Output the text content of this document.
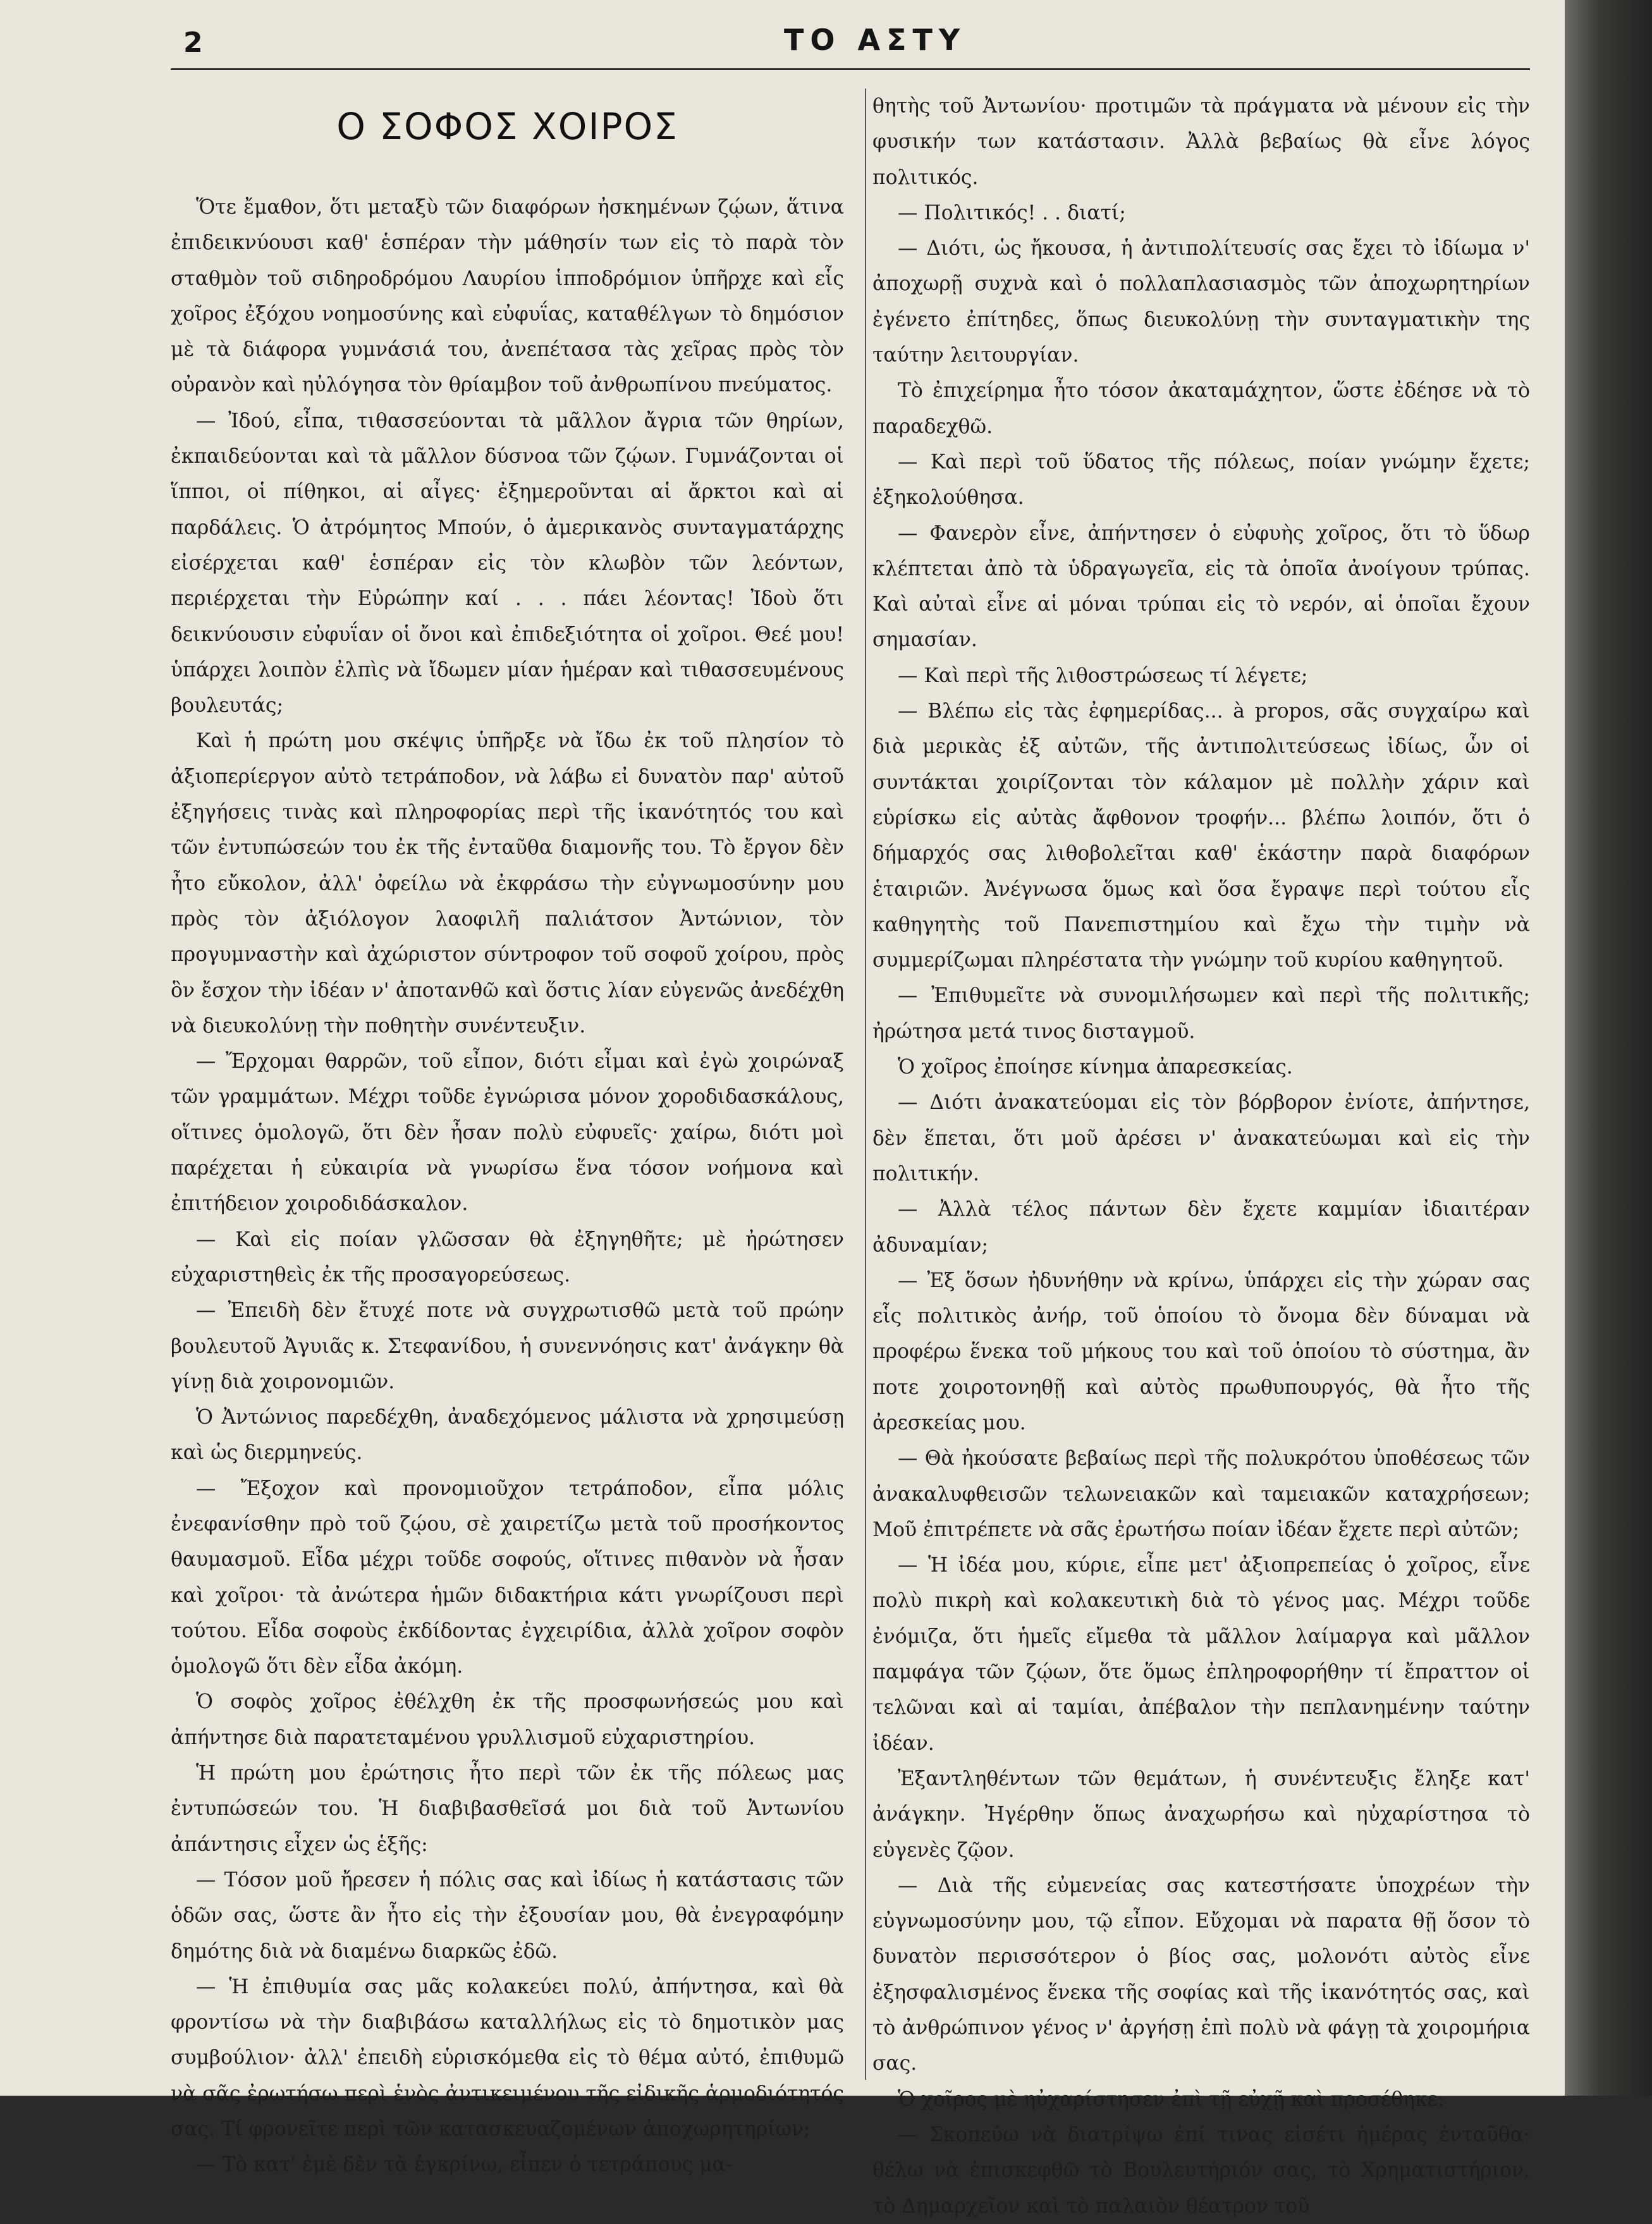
2	ΤΟ ΑΣΤΥ
Ο ΣΟΦΟΣ ΧΟΙΡΟΣ

Ὅτε ἔμαθον, ὅτι μεταξὺ τῶν διαφόρων ἠσκημένων ζῴων, ἅτινα ἐπιδεικνύουσι καθ' ἑσπέραν τὴν μάθησίν των εἰς τὸ παρὰ τὸν σταθμὸν τοῦ σιδηροδρόμου Λαυρίου ἱπποδρόμιον ὑπῆρχε καὶ εἷς χοῖρος ἐξόχου νοημοσύνης καὶ εὐφυΐας, καταθέλγων τὸ δημόσιον μὲ τὰ διάφορα γυμνάσιά του, ἀνεπέτασα τὰς χεῖρας πρὸς τὸν οὐρανὸν καὶ ηὐλόγησα τὸν θρίαμβον τοῦ ἀνθρωπίνου πνεύματος.

— Ἰδού, εἶπα, τιθασσεύονται τὰ μᾶλλον ἄγρια τῶν θηρίων, ἐκπαιδεύονται καὶ τὰ μᾶλλον δύσνοα τῶν ζῴων. Γυμνάζονται οἱ ἵπποι, οἱ πίθηκοι, αἱ αἶγες· ἐξημεροῦνται αἱ ἄρκτοι καὶ αἱ παρδάλεις. Ὁ ἀτρόμητος Μπούν, ὁ ἀμερικανὸς συνταγματάρχης εἰσέρχεται καθ' ἑσπέραν εἰς τὸν κλωβὸν τῶν λεόντων, περιέρχεται τὴν Εὐρώπην καί . . . πάει λέοντας! Ἰδοὺ ὅτι δεικνύουσιν εὐφυΐαν οἱ ὄνοι καὶ ἐπιδεξιότητα οἱ χοῖροι. Θεέ μου! ὑπάρχει λοιπὸν ἐλπὶς νὰ ἴδωμεν μίαν ἡμέραν καὶ τιθασσευμένους βουλευτάς;

Καὶ ἡ πρώτη μου σκέψις ὑπῆρξε νὰ ἴδω ἐκ τοῦ πλησίον τὸ ἀξιοπερίεργον αὐτὸ τετράποδον, νὰ λάβω εἰ δυνατὸν παρ' αὐτοῦ ἐξηγήσεις τινὰς καὶ πληροφορίας περὶ τῆς ἱκανότητός του καὶ τῶν ἐντυπώσεών του ἐκ τῆς ἐνταῦθα διαμονῆς του. Τὸ ἔργον δὲν ἦτο εὔκολον, ἀλλ' ὀφείλω νὰ ἐκφράσω τὴν εὐγνωμοσύνην μου πρὸς τὸν ἀξιόλογον λαοφιλῆ παλιάτσον Ἀντώνιον, τὸν προγυμναστὴν καὶ ἀχώριστον σύντροφον τοῦ σοφοῦ χοίρου, πρὸς ὃν ἔσχον τὴν ἰδέαν ν' ἀποτανθῶ καὶ ὅστις λίαν εὐγενῶς ἀνεδέχθη νὰ διευκολύνῃ τὴν ποθητὴν συνέντευξιν.

— Ἔρχομαι θαρρῶν, τοῦ εἶπον, διότι εἶμαι καὶ ἐγὼ χοιρώναξ τῶν γραμμάτων. Μέχρι τοῦδε ἐγνώρισα μόνον χοροδιδασκάλους, οἵτινες ὁμολογῶ, ὅτι δὲν ἦσαν πολὺ εὐφυεῖς· χαίρω, διότι μοὶ παρέχεται ἡ εὐκαιρία νὰ γνωρίσω ἕνα τόσον νοήμονα καὶ ἐπιτήδειον χοιροδιδάσκαλον.

— Καὶ εἰς ποίαν γλῶσσαν θὰ ἐξηγηθῆτε; μὲ ἠρώτησεν εὐχαριστηθεὶς ἐκ τῆς προσαγορεύσεως.

— Ἐπειδὴ δὲν ἔτυχέ ποτε νὰ συγχρωτισθῶ μετὰ τοῦ πρώην βουλευτοῦ Ἀγυιᾶς κ. Στεφανίδου, ἡ συνεννόησις κατ' ἀνάγκην θὰ γίνῃ διὰ χοιρονομιῶν.

Ὁ Ἀντώνιος παρεδέχθη, ἀναδεχόμενος μάλιστα νὰ χρησιμεύσῃ καὶ ὡς διερμηνεύς.

— Ἔξοχον καὶ προνομιοῦχον τετράποδον, εἶπα μόλις ἐνεφανίσθην πρὸ τοῦ ζῴου, σὲ χαιρετίζω μετὰ τοῦ προσήκοντος θαυμασμοῦ. Εἶδα μέχρι τοῦδε σοφούς, οἵτινες πιθανὸν νὰ ἦσαν καὶ χοῖροι· τὰ ἀνώτερα ἡμῶν διδακτήρια κάτι γνωρίζουσι περὶ τούτου. Εἶδα σοφοὺς ἐκδίδοντας ἐγχειρίδια, ἀλλὰ χοῖρον σοφὸν ὁμολογῶ ὅτι δὲν εἶδα ἀκόμη.

Ὁ σοφὸς χοῖρος ἐθέλχθη ἐκ τῆς προσφωνήσεώς μου καὶ ἀπήντησε διὰ παρατεταμένου γρυλλισμοῦ εὐχαριστηρίου.

Ἡ πρώτη μου ἐρώτησις ἦτο περὶ τῶν ἐκ τῆς πόλεως μας ἐντυπώσεών του. Ἡ διαβιβασθεῖσά μοι διὰ τοῦ Ἀντωνίου ἀπάντησις εἶχεν ὡς ἑξῆς:

— Τόσον μοῦ ἤρεσεν ἡ πόλις σας καὶ ἰδίως ἡ κατάστασις τῶν ὁδῶν σας, ὥστε ἂν ἦτο εἰς τὴν ἐξουσίαν μου, θὰ ἐνεγραφόμην δημότης διὰ νὰ διαμένω διαρκῶς ἐδῶ.

— Ἡ ἐπιθυμία σας μᾶς κολακεύει πολύ, ἀπήντησα, καὶ θὰ φροντίσω νὰ τὴν διαβιβάσω καταλλήλως εἰς τὸ δημοτικὸν μας συμβούλιον· ἀλλ' ἐπειδὴ εὑρισκόμεθα εἰς τὸ θέμα αὐτό, ἐπιθυμῶ νὰ σᾶς ἐρωτήσω περὶ ἑνὸς ἀντικειμένου τῆς εἰδικῆς ἁρμοδιότητός σας. Τί φρονεῖτε περὶ τῶν κατασκευαζομένων ἀποχωρητηρίων;

— Τὸ κατ' ἐμὲ δὲν τὰ ἐγκρίνω, εἶπεν ὁ τετράπους μα-

θητὴς τοῦ Ἀντωνίου· προτιμῶν τὰ πράγματα νὰ μένουν εἰς τὴν φυσικήν των κατάστασιν. Ἀλλὰ βεβαίως θὰ εἶνε λόγος πολιτικός.

— Πολιτικός! . . διατί;

— Διότι, ὡς ἤκουσα, ἡ ἀντιπολίτευσίς σας ἔχει τὸ ἰδίωμα ν' ἀποχωρῇ συχνὰ καὶ ὁ πολλαπλασιασμὸς τῶν ἀποχωρητηρίων ἐγένετο ἐπίτηδες, ὅπως διευκολύνῃ τὴν συνταγματικὴν της ταύτην λειτουργίαν.

Τὸ ἐπιχείρημα ἦτο τόσον ἀκαταμάχητον, ὥστε ἐδέησε νὰ τὸ παραδεχθῶ.

— Καὶ περὶ τοῦ ὕδατος τῆς πόλεως, ποίαν γνώμην ἔχετε; ἐξηκολούθησα.

— Φανερὸν εἶνε, ἀπήντησεν ὁ εὐφυὴς χοῖρος, ὅτι τὸ ὕδωρ κλέπτεται ἀπὸ τὰ ὑδραγωγεῖα, εἰς τὰ ὁποῖα ἀνοίγουν τρύπας. Καὶ αὐταὶ εἶνε αἱ μόναι τρύπαι εἰς τὸ νερόν, αἱ ὁποῖαι ἔχουν σημασίαν.

— Καὶ περὶ τῆς λιθοστρώσεως τί λέγετε;

— Βλέπω εἰς τὰς ἐφημερίδας... à propos, σᾶς συγχαίρω καὶ διὰ μερικὰς ἐξ αὐτῶν, τῆς ἀντιπολιτεύσεως ἰδίως, ὧν οἱ συντάκται χοιρίζονται τὸν κάλαμον μὲ πολλὴν χάριν καὶ εὑρίσκω εἰς αὐτὰς ἄφθονον τροφήν... βλέπω λοιπόν, ὅτι ὁ δήμαρχός σας λιθοβολεῖται καθ' ἑκάστην παρὰ διαφόρων ἑταιριῶν. Ἀνέγνωσα ὅμως καὶ ὅσα ἔγραψε περὶ τούτου εἷς καθηγητὴς τοῦ Πανεπιστημίου καὶ ἔχω τὴν τιμὴν νὰ συμμερίζωμαι πληρέστατα τὴν γνώμην τοῦ κυρίου καθηγητοῦ.

— Ἐπιθυμεῖτε νὰ συνομιλήσωμεν καὶ περὶ τῆς πολιτικῆς; ἠρώτησα μετά τινος δισταγμοῦ.

Ὁ χοῖρος ἐποίησε κίνημα ἀπαρεσκείας.

— Διότι ἀνακατεύομαι εἰς τὸν βόρβορον ἐνίοτε, ἀπήντησε, δὲν ἕπεται, ὅτι μοῦ ἀρέσει ν' ἀνακατεύωμαι καὶ εἰς τὴν πολιτικήν.

— Ἀλλὰ τέλος πάντων δὲν ἔχετε καμμίαν ἰδιαιτέραν ἀδυναμίαν;

— Ἐξ ὅσων ἠδυνήθην νὰ κρίνω, ὑπάρχει εἰς τὴν χώραν σας εἷς πολιτικὸς ἀνήρ, τοῦ ὁποίου τὸ ὄνομα δὲν δύναμαι νὰ προφέρω ἕνεκα τοῦ μήκους του καὶ τοῦ ὁποίου τὸ σύστημα, ἂν ποτε χοιροτονηθῇ καὶ αὐτὸς πρωθυπουργός, θὰ ἦτο τῆς ἀρεσκείας μου.

— Θὰ ἠκούσατε βεβαίως περὶ τῆς πολυκρότου ὑποθέσεως τῶν ἀνακαλυφθεισῶν τελωνειακῶν καὶ ταμειακῶν καταχρήσεων; Μοῦ ἐπιτρέπετε νὰ σᾶς ἐρωτήσω ποίαν ἰδέαν ἔχετε περὶ αὐτῶν;

— Ἡ ἰδέα μου, κύριε, εἶπε μετ' ἀξιοπρεπείας ὁ χοῖρος, εἶνε πολὺ πικρὴ καὶ κολακευτικὴ διὰ τὸ γένος μας. Μέχρι τοῦδε ἐνόμιζα, ὅτι ἡμεῖς εἴμεθα τὰ μᾶλλον λαίμαργα καὶ μᾶλλον παμφάγα τῶν ζῴων, ὅτε ὅμως ἐπληροφορήθην τί ἔπραττον οἱ τελῶναι καὶ αἱ ταμίαι, ἀπέβαλον τὴν πεπλανημένην ταύτην ἰδέαν.

Ἐξαντληθέντων τῶν θεμάτων, ἡ συνέντευξις ἔληξε κατ' ἀνάγκην. Ἠγέρθην ὅπως ἀναχωρήσω καὶ ηὐχαρίστησα τὸ εὐγενὲς ζῷον.

— Διὰ τῆς εὐμενείας σας κατεστήσατε ὑποχρέων τὴν εὐγνωμοσύνην μου, τῷ εἶπον. Εὔχομαι νὰ παρατα θῇ ὅσον τὸ δυνατὸν περισσότερον ὁ βίος σας, μολονότι αὐτὸς εἶνε ἐξησφαλισμένος ἕνεκα τῆς σοφίας καὶ τῆς ἱκανότητός σας, καὶ τὸ ἀνθρώπινον γένος ν' ἀργήσῃ ἐπὶ πολὺ νὰ φάγῃ τὰ χοιρομήρια σας.

Ὁ χοῖρος μὲ ηὐχαρίστησεν ἐπὶ τῇ εὐχῇ καὶ προσέθηκε:

— Σκοπεύω νὰ διατρίψω ἐπί τινας εἰσέτι ἡμέρας ἐνταῦθα· θέλω νὰ ἐπισκεφθῶ τὸ Βουλευτήριόν σας, τὸ Χρηματιστήριον, τὸ Δημαρχεῖον καὶ τὸ παλαιὸν θέατρον τοῦ
